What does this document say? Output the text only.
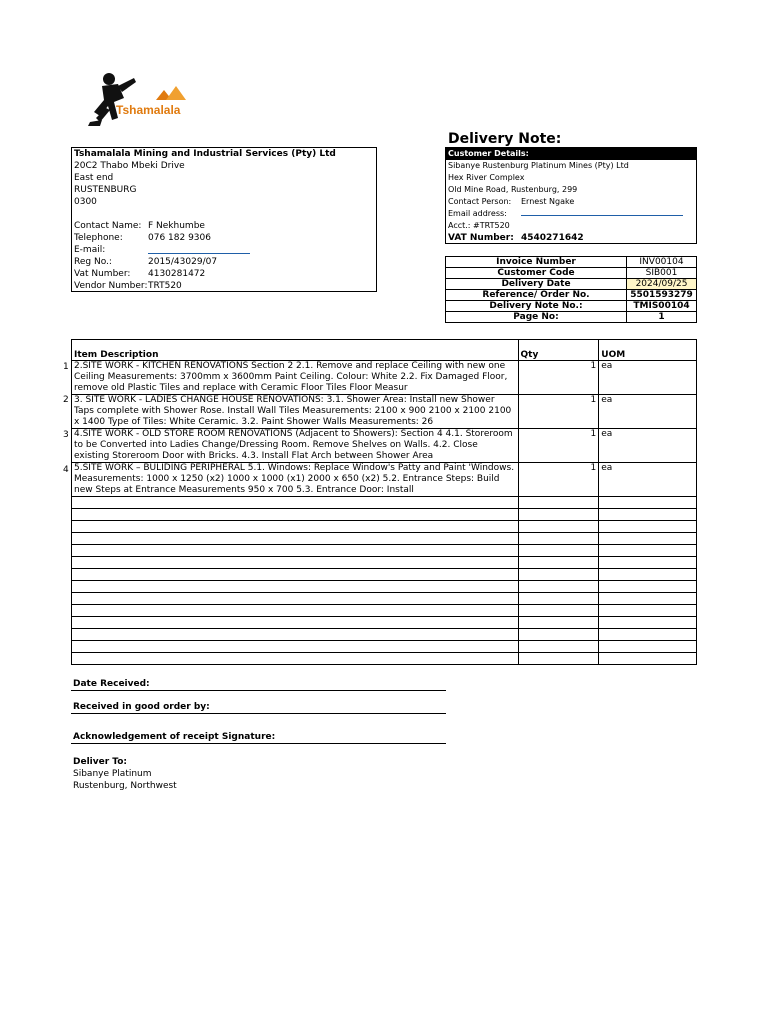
Tshamalala
Delivery Note:
Tshamalala Mining and Industrial Services (Pty) Ltd
20C2 Thabo Mbeki Drive
East end
RUSTENBURG
0300
Contact Name: F Nekhumbe
Telephone:	076 182 9306
E-mail:
Reg No.:	2015/43029/07
Vat Number: 4130281472
Vendor Number: TRT520
Customer Details:
Sibanye Rustenburg Platinum Mines (Pty) Ltd
Hex River Complex
Old Mine Road, Rustenburg, 299
Contact Person: Ernest Ngake
Email address:
Acct.: #TRT520
VAT Number: 4540271642
Invoice Number	INV00104
Customer Code	SIB001
Delivery Date	2024/09/25
Reference/ Order No.	5501593279
Delivery Note No.:	TMIS00104
Page No:	1
1
2
3
4
Item Description	Qty	UOM

2.SITE WORK - KITCHEN RENOVATIONS Section 2 2.1. Remove and replace Ceiling with new one Ceiling Measurements: 3700mm x 3600mm Paint Ceiling. Colour: White 2.2. Fix Damaged Floor, remove old Plastic Tiles and replace with Ceramic Floor Tiles Floor Measur	1	ea

3. SITE WORK - LADIES CHANGE HOUSE RENOVATIONS: 3.1. Shower Area: Install new Shower Taps complete with Shower Rose. Install Wall Tiles Measurements: 2100 x 900 2100 x 2100 2100 x 1400 Type of Tiles: White Ceramic. 3.2. Paint Shower Walls Measurements: 26	1	ea

4.SITE WORK - OLD STORE ROOM RENOVATIONS (Adjacent to Showers): Section 4 4.1. Storeroom to be Converted into Ladies Change/Dressing Room. Remove Shelves on Walls. 4.2. Close existing Storeroom Door with Bricks. 4.3. Install Flat Arch between Shower Area	1	ea

5.SITE WORK – BULIDING PERIPHERAL 5.1. Windows: Replace Window's Patty and Paint 'Windows. Measurements: 1000 x 1250 (x2) 1000 x 1000 (x1) 2000 x 650 (x2) 5.2. Entrance Steps: Build new Steps at Entrance Measurements 950 x 700 5.3. Entrance Door: Install	1	ea

Date Received:
Received in good order by:
Acknowledgement of receipt Signature:
Deliver To:
Sibanye Platinum
Rustenburg, Northwest
